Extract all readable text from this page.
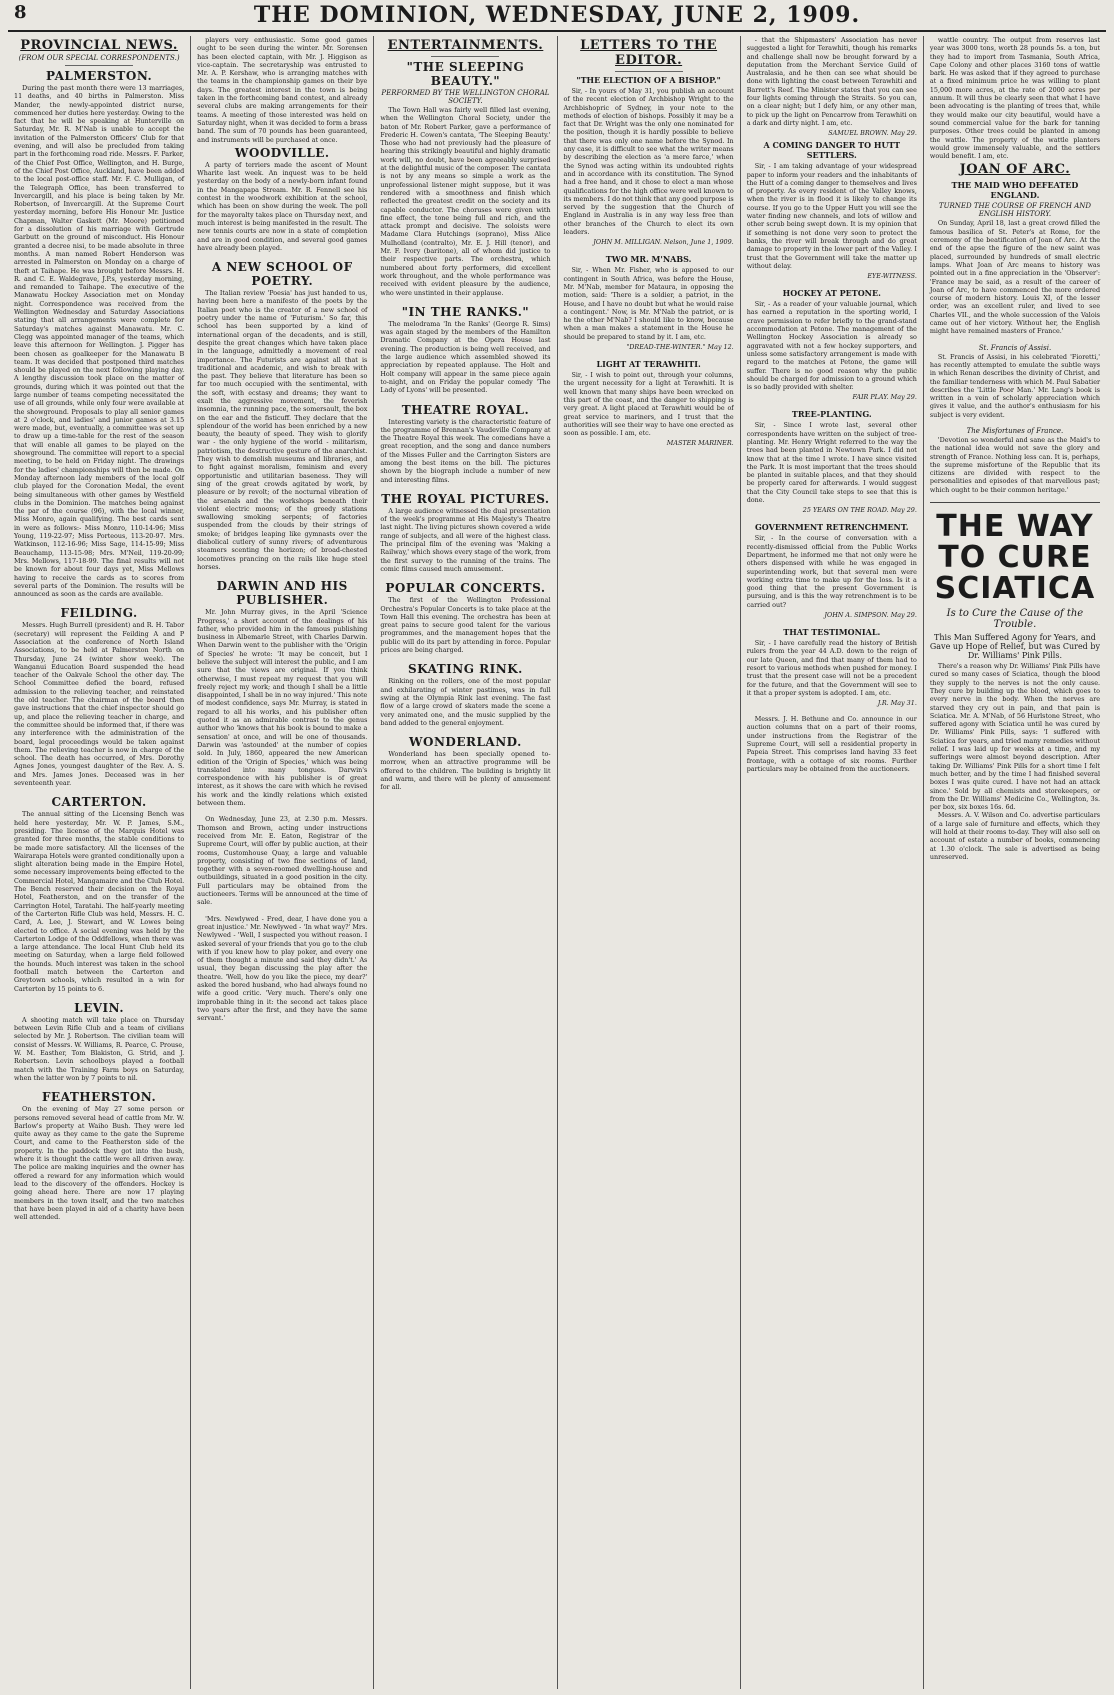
8	THE DOMINION, WEDNESDAY, JUNE 2, 1909.
PROVINCIAL NEWS.
(FROM OUR SPECIAL CORRESPONDENTS.)
PALMERSTON.

During the past month there were 13 marriages, 11 deaths, and 40 births in Palmerston. Miss Mander, the newly-appointed district nurse, commenced her duties here yesterday. Owing to the fact that he will be speaking at Hunterville on Saturday, Mr. R. M'Nab is unable to accept the invitation of the Palmerston Officers' Club for that evening, and will also be precluded from taking part in the forthcoming road ride. Messrs. F. Parker, of the Chief Post Office, Wellington, and H. Burge, of the Chief Post Office, Auckland, have been added to the local post-office staff. Mr. F. C. Mulligan, of the Telegraph Office, has been transferred to Invercargill, and his place is being taken by Mr. Robertson, of Invercargill. At the Supreme Court yesterday morning, before His Honour Mr. Justice Chapman, Walter Gaskett (Mr. Moore) petitioned for a dissolution of his marriage with Gertrude Garbutt on the ground of misconduct. His Honour granted a decree nisi, to be made absolute in three months. A man named Robert Henderson was arrested in Palmerston on Monday on a charge of theft at Taihape. He was brought before Messrs. H. R. and C. E. Waldegrave, J.P.s, yesterday morning, and remanded to Taihape. The executive of the Manawatu Hockey Association met on Monday night. Correspondence was received from the Wellington Wednesday and Saturday Associations stating that all arrangements were complete for Saturday's matches against Manawatu. Mr. C. Clegg was appointed manager of the teams, which leave this afternoon for Wellington. J. Pigger has been chosen as goalkeeper for the Manawatu B team. It was decided that postponed third matches should be played on the next following playing day. A lengthy discussion took place on the matter of grounds, during which it was pointed out that the large number of teams competing necessitated the use of all grounds, while only four were available at the showground. Proposals to play all senior games at 2 o'clock, and ladies' and junior games at 3.15 were made, but, eventually, a committee was set up to draw up a time-table for the rest of the season that will enable all games to be played on the showground. The committee will report to a special meeting, to be held on Friday night. The drawings for the ladies' championships will then be made. On Monday afternoon lady members of the local golf club played for the Coronation Medal, the event being simultaneous with other games by Westfield clubs in the Dominion. The matches being against the par of the course (96), with the local winner, Miss Monro, again qualifying. The best cards sent in were as follows:- Miss Monro, 110-14-96; Miss Young, 119-22-97; Miss Porteous, 113-20-97. Mrs. Watkinson, 112-16-96; Miss Sage, 114-15-99; Miss Beauchamp, 113-15-98; Mrs. M'Neil, 119-20-99; Mrs. Mellows, 117-18-99. The final results will not be known for about four days yet, Miss Mellows having to receive the cards as to scores from several parts of the Dominion. The results will be announced as soon as the cards are available.

FEILDING.

Messrs. Hugh Burrell (president) and R. H. Tabor (secretary) will represent the Feilding A and P Association at the conference of North Island Associations, to be held at Palmerston North on Thursday, June 24 (winter show week). The Wanganui Education Board suspended the head teacher of the Oakvale School the other day. The School Committee defied the board, refused admission to the relieving teacher, and reinstated the old teacher. The chairman of the board then gave instructions that the chief inspector should go up, and place the relieving teacher in charge, and the committee should be informed that, if there was any interference with the administration of the board, legal proceedings would be taken against them. The relieving teacher is now in charge of the school. The death has occurred, of Mrs. Dorothy Agnes Jones, youngest daughter of the Rev. A. S. and Mrs. James Jones. Deceased was in her seventeenth year.

CARTERTON.

The annual sitting of the Licensing Bench was held here yesterday, Mr. W. P. James, S.M., presiding. The license of the Marquis Hotel was granted for three months, the stable conditions to be made more satisfactory. All the licenses of the Wairarapa Hotels were granted conditionally upon a slight alteration being made in the Empire Hotel, some necessary improvements being effected to the Commercial Hotel, Mangamaire and the Club Hotel. The Bench reserved their decision on the Royal Hotel, Featherston, and on the transfer of the Carrington Hotel, Taratahi. The half-yearly meeting of the Carterton Rifle Club was held, Messrs. H. C. Card, A. Lee, J. Stewart, and W. Lowes being elected to office. A social evening was held by the Carterton Lodge of the Oddfellows, when there was a large attendance. The local Hunt Club held its meeting on Saturday, when a large field followed the hounds. Much interest was taken in the school football match between the Carterton and Greytown schools, which resulted in a win for Carterton by 15 points to 6.

LEVIN.

A shooting match will take place on Thursday between Levin Rifle Club and a team of civilians selected by Mr. J. Robertson. The civilian team will consist of Messrs. W. Williams, R. Pearce, C. Prouse, W. M. Easther, Tom Blakiston, G. Strid, and J. Robertson. Levin schoolboys played a football match with the Training Farm boys on Saturday, when the latter won by 7 points to nil.

FEATHERSTON.

On the evening of May 27 some person or persons removed several head of cattle from Mr. W. Barlow's property at Waiho Bush. They were led quite away as they came to the gate the Supreme Court, and came to the Featherston side of the property. In the paddock they got into the bush, where it is thought the cattle were all driven away. The police are making inquiries and the owner has offered a reward for any information which would lead to the discovery of the offenders. Hockey is going ahead here. There are now 17 playing members in the town itself, and the two matches that have been played in aid of a charity have been well attended.

players very enthusiastic. Some good games ought to be seen during the winter. Mr. Sorensen has been elected captain, with Mr. J. Higgison as vice-captain. The secretaryship was entrusted to Mr. A. P. Kershaw, who is arranging matches with the teams in the championship games on their bye days. The greatest interest in the town is being taken in the forthcoming band contest, and already several clubs are making arrangements for their teams. A meeting of those interested was held on Saturday night, when it was decided to form a brass band. The sum of 70 pounds has been guaranteed, and instruments will be purchased at once.

WOODVILLE.

A party of terriers made the ascent of Mount Wharite last week. An inquest was to be held yesterday on the body of a newly-born infant found in the Mangapapa Stream. Mr. R. Fennell see his contest in the woodwork exhibition at the school, which has been on show during the week. The poll for the mayoralty takes place on Thursday next, and much interest is being manifested in the result. The new tennis courts are now in a state of completion and are in good condition, and several good games have already been played.

A NEW SCHOOL OF POETRY.

The Italian review 'Poesia' has just handed to us, having been here a manifesto of the poets by the Italian poet who is the creator of a new school of poetry under the name of 'Futurism.' So far, this school has been supported by a kind of international organ of the decadents, and is still, despite the great changes which have taken place in the language, admittedly a movement of real importance. The Futurists are against all that is traditional and academic, and wish to break with the past. They believe that literature has been so far too much occupied with the sentimental, with the soft, with ecstasy and dreams; they want to exalt the aggressive movement, the feverish insomnia, the running pace, the somersault, the box on the ear and the fisticuff. They declare that the splendour of the world has been enriched by a new beauty, the beauty of speed. They wish to glorify war - the only hygiene of the world - militarism, patriotism, the destructive gesture of the anarchist. They wish to demolish museums and libraries, and to fight against moralism, feminism and every opportunistic and utilitarian baseness. They will sing of the great crowds agitated by work, by pleasure or by revolt; of the nocturnal vibration of the arsenals and the workshops beneath their violent electric moons; of the greedy stations swallowing smoking serpents; of factories suspended from the clouds by their strings of smoke; of bridges leaping like gymnasts over the diabolical cutlery of sunny rivers; of adventurous steamers scenting the horizon; of broad-chested locomotives prancing on the rails like huge steel horses.

DARWIN AND HIS PUBLISHER.

Mr. John Murray gives, in the April 'Science Progress,' a short account of the dealings of his father, who provided him in the famous publishing business in Albemarle Street, with Charles Darwin. When Darwin went to the publisher with the 'Origin of Species' he wrote: 'It may be conceit, but I believe the subject will interest the public, and I am sure that the views are original. If you think otherwise, I must repeat my request that you will freely reject my work; and though I shall be a little disappointed, I shall be in no way injured.' This note of modest confidence, says Mr. Murray, is stated in regard to all his works, and his publisher often quoted it as an admirable contrast to the genus author who 'knows that his book is bound to make a sensation' at once, and will be one of thousands. Darwin was 'astounded' at the number of copies sold. In July, 1860, appeared the new American edition of the 'Origin of Species,' which was being translated into many tongues. Darwin's correspondence with his publisher is of great interest, as it shows the care with which he revised his work and the kindly relations which existed between them.

On Wednesday, June 23, at 2.30 p.m. Messrs. Thomson and Brown, acting under instructions received from Mr. E. Eaton, Registrar of the Supreme Court, will offer by public auction, at their rooms, Customhouse Quay, a large and valuable property, consisting of two fine sections of land, together with a seven-roomed dwelling-house and outbuildings, situated in a good position in the city. Full particulars may be obtained from the auctioneers. Terms will be announced at the time of sale.

'Mrs. Newlywed - Fred, dear, I have done you a great injustice.' Mr. Newlywed - 'In what way?' Mrs. Newlywed - 'Well, I suspected you without reason. I asked several of your friends that you go to the club with if you knew how to play poker, and every one of them thought a minute and said they didn't.' As usual, they began discussing the play after the theatre. 'Well, how do you like the piece, my dear?' asked the bored husband, who had always found no wife a good critic. 'Very much. There's only one improbable thing in it: the second act takes place two years after the first, and they have the same servant.'

ENTERTAINMENTS.
"THE SLEEPING BEAUTY."
PERFORMED BY THE WELLINGTON CHORAL SOCIETY.

The Town Hall was fairly well filled last evening, when the Wellington Choral Society, under the baton of Mr. Robert Parker, gave a performance of Frederic H. Cowen's cantata, 'The Sleeping Beauty.' Those who had not previously had the pleasure of hearing this strikingly beautiful and highly dramatic work will, no doubt, have been agreeably surprised at the delightful music of the composer. The cantata is not by any means so simple a work as the unprofessional listener might suppose, but it was rendered with a smoothness and finish which reflected the greatest credit on the society and its capable conductor. The choruses were given with fine effect, the tone being full and rich, and the attack prompt and decisive. The soloists were Madame Clara Hutchings (soprano), Miss Alice Mulholland (contralto), Mr. E. J. Hill (tenor), and Mr. F. Ivory (baritone), all of whom did justice to their respective parts. The orchestra, which numbered about forty performers, did excellent work throughout, and the whole performance was received with evident pleasure by the audience, who were unstinted in their applause.

"IN THE RANKS."

The melodrama 'In the Ranks' (George R. Sims) was again staged by the members of the Hamilton Dramatic Company at the Opera House last evening. The production is being well received, and the large audience which assembled showed its appreciation by repeated applause. The Holt and Holt company will appear in the same piece again to-night, and on Friday the popular comedy 'The Lady of Lyons' will be presented.

THEATRE ROYAL.

Interesting variety is the characteristic feature of the programme of Brennan's Vaudeville Company at the Theatre Royal this week. The comedians have a great reception, and the song and dance numbers of the Misses Fuller and the Carrington Sisters are among the best items on the bill. The pictures shown by the biograph include a number of new and interesting films.

THE ROYAL PICTURES.

A large audience witnessed the dual presentation of the week's programme at His Majesty's Theatre last night. The living pictures shown covered a wide range of subjects, and all were of the highest class. The principal film of the evening was 'Making a Railway,' which shows every stage of the work, from the first survey to the running of the trains. The comic films caused much amusement.

POPULAR CONCERTS.

The first of the Wellington Professional Orchestra's Popular Concerts is to take place at the Town Hall this evening. The orchestra has been at great pains to secure good talent for the various programmes, and the management hopes that the public will do its part by attending in force. Popular prices are being charged.

SKATING RINK.

Rinking on the rollers, one of the most popular and exhilarating of winter pastimes, was in full swing at the Olympia Rink last evening. The fast flow of a large crowd of skaters made the scene a very animated one, and the music supplied by the band added to the general enjoyment.

WONDERLAND.

Wonderland has been specially opened to-morrow, when an attractive programme will be offered to the children. The building is brightly lit and warm, and there will be plenty of amusement for all.

LETTERS TO THE EDITOR.
"THE ELECTION OF A BISHOP."

Sir, - In yours of May 31, you publish an account of the recent election of Archbishop Wright to the Archbishopric of Sydney, in your note to the methods of election of bishops. Possibly it may be a fact that Dr. Wright was the only one nominated for the position, though it is hardly possible to believe that there was only one name before the Synod. In any case, it is difficult to see what the writer means by describing the election as 'a mere farce,' when the Synod was acting within its undoubted rights and in accordance with its constitution. The Synod had a free hand, and it chose to elect a man whose qualifications for the high office were well known to its members. I do not think that any good purpose is served by the suggestion that the Church of England in Australia is in any way less free than other branches of the Church to elect its own leaders.

JOHN M. MILLIGAN. Nelson, June 1, 1909.
TWO MR. M'NABS.

Sir, - When Mr. Fisher, who is apposed to our contingent in South Africa, was before the House, Mr. M'Nab, member for Mataura, in opposing the motion, said: 'There is a soldier, a patriot, in the House, and I have no doubt but what he would raise a contingent.' Now, is Mr. M'Nab the patriot, or is he the other M'Nab? I should like to know, because when a man makes a statement in the House he should be prepared to stand by it. I am, etc.

"DREAD-THE-WINTER." May 12.
LIGHT AT TERAWHITI.

Sir, - I wish to point out, through your columns, the urgent necessity for a light at Terawhiti. It is well known that many ships have been wrecked on this part of the coast, and the danger to shipping is very great. A light placed at Terawhiti would be of great service to mariners, and I trust that the authorities will see their way to have one erected as soon as possible. I am, etc.

MASTER MARINER.

- that the Shipmasters' Association has never suggested a light for Terawhiti, though his remarks and challenge shall now be brought forward by a deputation from the Merchant Service Guild of Australasia, and he then can see what should be done with lighting the coast between Terawhiti and Barrett's Reef. The Minister states that you can see four lights coming through the Straits. So you can, on a clear night; but I defy him, or any other man, to pick up the light on Pencarrow from Terawhiti on a dark and dirty night. I am, etc.

SAMUEL BROWN. May 29.
A COMING DANGER TO HUTT SETTLERS.

Sir, - I am taking advantage of your widespread paper to inform your readers and the inhabitants of the Hutt of a coming danger to themselves and lives of property. As every resident of the Valley knows, when the river is in flood it is likely to change its course. If you go to the Upper Hutt you will see the water finding new channels, and lots of willow and other scrub being swept down. It is my opinion that if something is not done very soon to protect the banks, the river will break through and do great damage to property in the lower part of the Valley. I trust that the Government will take the matter up without delay.

EYE-WITNESS.
HOCKEY AT PETONE.

Sir, - As a reader of your valuable journal, which has earned a reputation in the sporting world, I crave permission to refer briefly to the grand-stand accommodation at Petone. The management of the Wellington Hockey Association is already so aggravated with not a few hockey supporters, and unless some satisfactory arrangement is made with regard to the matches at Petone, the game will suffer. There is no good reason why the public should be charged for admission to a ground which is so badly provided with shelter.

FAIR PLAY. May 29.
TREE-PLANTING.

Sir, - Since I wrote last, several other correspondents have written on the subject of tree-planting. Mr. Henry Wright referred to the way the trees had been planted in Newtown Park. I did not know that at the time I wrote. I have since visited the Park. It is most important that the trees should be planted in suitable places, and that they should be properly cared for afterwards. I would suggest that the City Council take steps to see that this is done.

25 YEARS ON THE ROAD. May 29.
GOVERNMENT RETRENCHMENT.

Sir, - In the course of conversation with a recently-dismissed official from the Public Works Department, he informed me that not only were he others dispensed with while he was engaged in superintending work, but that several men were working extra time to make up for the loss. Is it a good thing that the present Government is pursuing, and is this the way retrenchment is to be carried out?

JOHN A. SIMPSON. May 29.
THAT TESTIMONIAL.

Sir, - I have carefully read the history of British rulers from the year 44 A.D. down to the reign of our late Queen, and find that many of them had to resort to various methods when pushed for money. I trust that the present case will not be a precedent for the future, and that the Government will see to it that a proper system is adopted. I am, etc.

J.R. May 31.

Messrs. J. H. Bethune and Co. announce in our auction columns that on a part of their rooms, under instructions from the Registrar of the Supreme Court, will sell a residential property in Papeia Street. This comprises land having 33 feet frontage, with a cottage of six rooms. Further particulars may be obtained from the auctioneers.

wattle country. The output from reserves last year was 3000 tons, worth 28 pounds 5s. a ton, but they had to import from Tasmania, South Africa, Cape Colony and other places 3160 tons of wattle bark. He was asked that if they agreed to purchase at a fixed minimum price he was willing to plant 15,000 more acres, at the rate of 2000 acres per annum. It will thus be clearly seen that what I have been advocating is the planting of trees that, while they would make our city beautiful, would have a sound commercial value for the bark for tanning purposes. Other trees could be planted in among the wattle. The property of the wattle planters would grow immensely valuable, and the settlers would benefit. I am, etc.

JOAN OF ARC.
THE MAID WHO DEFEATED ENGLAND.
TURNED THE COURSE OF FRENCH AND ENGLISH HISTORY.

On Sunday, April 18, last a great crowd filled the famous basilica of St. Peter's at Rome, for the ceremony of the beatification of Joan of Arc. At the end of the apse the figure of the new saint was placed, surrounded by hundreds of small electric lamps. What Joan of Arc means to history was pointed out in a fine appreciation in the 'Observer': 'France may be said, as a result of the career of Joan of Arc, to have commenced the more ordered course of modern history. Louis XI, of the lesser order, was an excellent ruler, and lived to see Charles VII., and the whole succession of the Valois came out of her victory. Without her, the English might have remained masters of France.'

St. Francis of Assisi.

St. Francis of Assisi, in his celebrated 'Fioretti,' has recently attempted to emulate the subtle ways in which Renan describes the divinity of Christ, and the familiar tenderness with which M. Paul Sabatier describes the 'Little Poor Man.' Mr. Lang's book is written in a vein of scholarly appreciation which gives it value, and the author's enthusiasm for his subject is very evident.

The Misfortunes of France.

'Devotion so wonderful and sane as the Maid's to the national idea would not save the glory and strength of France. Nothing less can. It is, perhaps, the supreme misfortune of the Republic that its citizens are divided with respect to the personalities and episodes of that marvellous past; which ought to be their common heritage.'

THE WAY TO CURE SCIATICA
Is to Cure the Cause of the Trouble.
This Man Suffered Agony for Years, and Gave up Hope of Relief, but was Cured by Dr. Williams' Pink Pills.

There's a reason why Dr. Williams' Pink Pills have cured so many cases of Sciatica, though the blood they supply to the nerves is not the only cause. They cure by building up the blood, which goes to every nerve in the body. When the nerves are starved they cry out in pain, and that pain is Sciatica. Mr. A. M'Nab, of 56 Hurlstone Street, who suffered agony with Sciatica until he was cured by Dr. Williams' Pink Pills, says: 'I suffered with Sciatica for years, and tried many remedies without relief. I was laid up for weeks at a time, and my sufferings were almost beyond description. After taking Dr. Williams' Pink Pills for a short time I felt much better, and by the time I had finished several boxes I was quite cured. I have not had an attack since.' Sold by all chemists and storekeepers, or from the Dr. Williams' Medicine Co., Wellington, 3s. per box, six boxes 16s. 6d.

Messrs. A. V. Wilson and Co. advertise particulars of a large sale of furniture and effects, which they will hold at their rooms to-day. They will also sell on account of estate a number of books, commencing at 1.30 o'clock. The sale is advertised as being unreserved.
